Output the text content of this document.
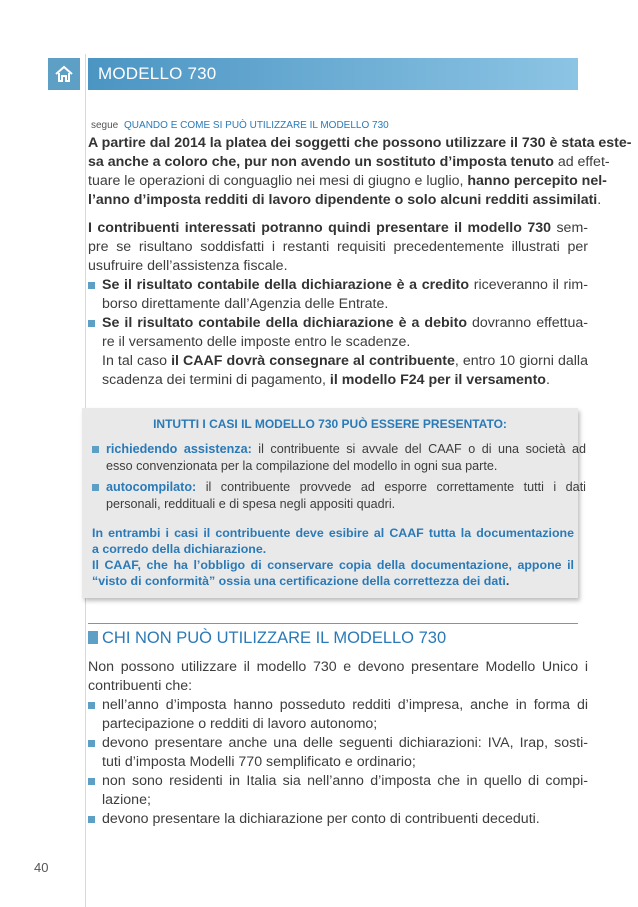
MODELLO 730
segue QUANDO E COME SI PUÒ UTILIZZARE IL MODELLO 730
A partire dal 2014 la platea dei soggetti che possono utilizzare il 730 è stata este-
sa anche a coloro che, pur non avendo un sostituto d’imposta tenuto ad effet-
tuare le operazioni di conguaglio nei mesi di giugno e luglio, hanno percepito nel-
l’anno d’imposta redditi di lavoro dipendente o solo alcuni redditi assimilati.
I contribuenti interessati potranno quindi presentare il modello 730 sem-
pre se risultano soddisfatti i restanti requisiti precedentemente illustrati per
usufruire dell’assistenza fiscale.
Se il risultato contabile della dichiarazione è a credito riceveranno il rim-
borso direttamente dall’Agenzia delle Entrate.
Se il risultato contabile della dichiarazione è a debito dovranno effettua-
re il versamento delle imposte entro le scadenze.
In tal caso il CAAF dovrà consegnare al contribuente, entro 10 giorni dalla
scadenza dei termini di pagamento, il modello F24 per il versamento.
INTUTTI I CASI IL MODELLO 730 PUÒ ESSERE PRESENTATO:
richiedendo assistenza: il contribuente si avvale del CAAF o di una società ad
esso convenzionata per la compilazione del modello in ogni sua parte.
autocompilato: il contribuente provvede ad esporre correttamente tutti i dati
personali, reddituali e di spesa negli appositi quadri.
In entrambi i casi il contribuente deve esibire al CAAF tutta la documentazione
a corredo della dichiarazione.
Il CAAF, che ha l’obbligo di conservare copia della documentazione, appone il
“visto di conformità” ossia una certificazione della correttezza dei dati.
CHI NON PUÒ UTILIZZARE IL MODELLO 730
Non possono utilizzare il modello 730 e devono presentare Modello Unico i
contribuenti che:
nell’anno d’imposta hanno posseduto redditi d’impresa, anche in forma di
partecipazione o redditi di lavoro autonomo;
devono presentare anche una delle seguenti dichiarazioni: IVA, Irap, sosti-
tuti d’imposta Modelli 770 semplificato e ordinario;
non sono residenti in Italia sia nell’anno d’imposta che in quello di compi-
lazione;
devono presentare la dichiarazione per conto di contribuenti deceduti.
40
